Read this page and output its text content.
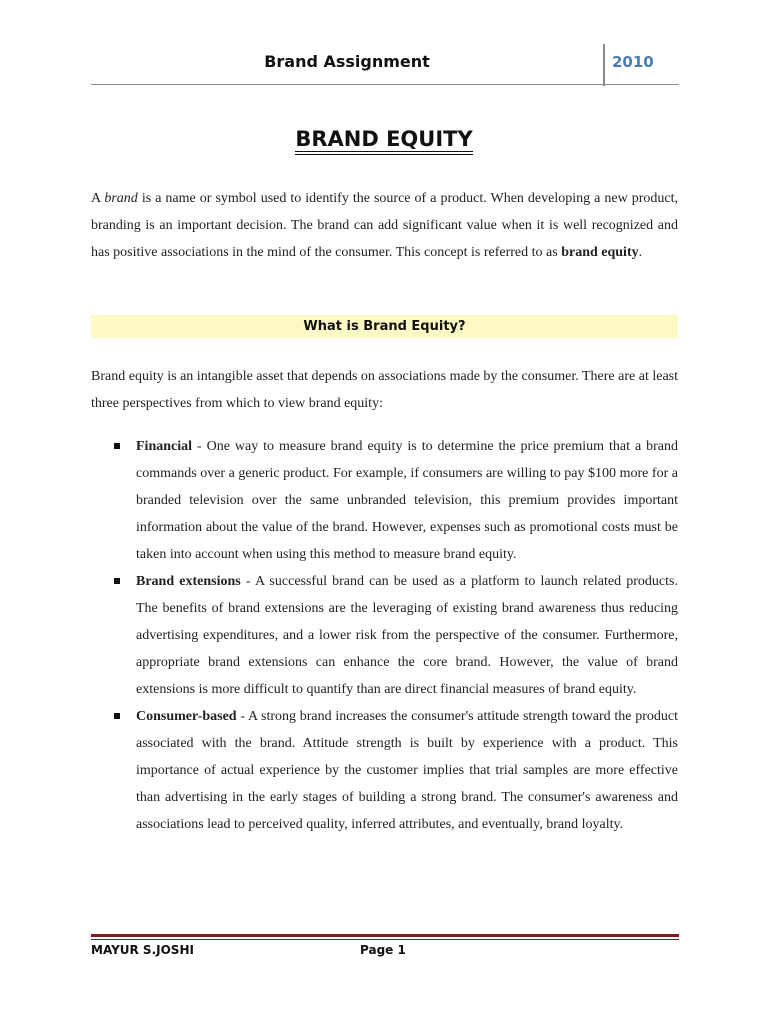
Brand Assignment	2010
BRAND EQUITY

A brand is a name or symbol used to identify the source of a product. When developing a new product, branding is an important decision. The brand can add significant value when it is well recognized and has positive associations in the mind of the consumer. This concept is referred to as brand equity.

What is Brand Equity?

Brand equity is an intangible asset that depends on associations made by the consumer. There are at least three perspectives from which to view brand equity:

Financial - One way to measure brand equity is to determine the price premium that a brand commands over a generic product. For example, if consumers are willing to pay $100 more for a branded television over the same unbranded television, this premium provides important information about the value of the brand. However, expenses such as promotional costs must be taken into account when using this method to measure brand equity.
Brand extensions - A successful brand can be used as a platform to launch related products. The benefits of brand extensions are the leveraging of existing brand awareness thus reducing advertising expenditures, and a lower risk from the perspective of the consumer. Furthermore, appropriate brand extensions can enhance the core brand. However, the value of brand extensions is more difficult to quantify than are direct financial measures of brand equity.
Consumer-based - A strong brand increases the consumer's attitude strength toward the product associated with the brand. Attitude strength is built by experience with a product. This importance of actual experience by the customer implies that trial samples are more effective than advertising in the early stages of building a strong brand. The consumer's awareness and associations lead to perceived quality, inferred attributes, and eventually, brand loyalty.
MAYUR S.JOSHI	Page 1
